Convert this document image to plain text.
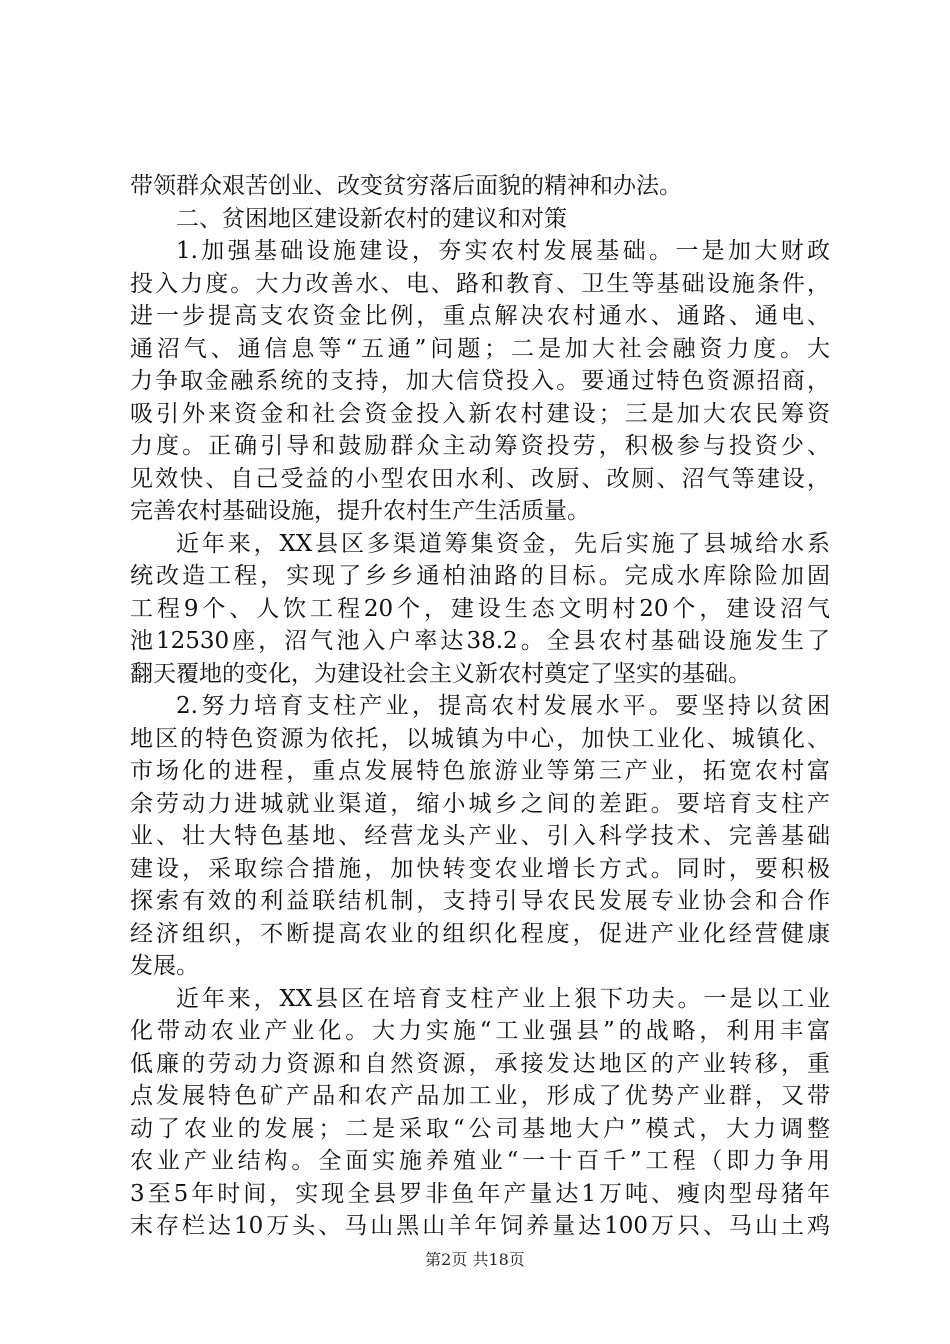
带领群众艰苦创业、改变贫穷落后面貌的精神和办法。
二、贫困地区建设新农村的建议和对策
1.加强基础设施建设，夯实农村发展基础。一是加大财政
投入力度。大力改善水、电、路和教育、卫生等基础设施条件，
进一步提高支农资金比例，重点解决农村通水、通路、通电、
通沼气、通信息等“五通”问题；二是加大社会融资力度。大
力争取金融系统的支持，加大信贷投入。要通过特色资源招商，
吸引外来资金和社会资金投入新农村建设；三是加大农民筹资
力度。正确引导和鼓励群众主动筹资投劳，积极参与投资少、
见效快、自己受益的小型农田水利、改厨、改厕、沼气等建设，
完善农村基础设施，提升农村生产生活质量。
近年来，XX县区多渠道筹集资金，先后实施了县城给水系
统改造工程，实现了乡乡通柏油路的目标。完成水库除险加固
工程9个、人饮工程20个，建设生态文明村20个，建设沼气
池12530座，沼气池入户率达38.2。全县农村基础设施发生了
翻天覆地的变化，为建设社会主义新农村奠定了坚实的基础。
2.努力培育支柱产业，提高农村发展水平。要坚持以贫困
地区的特色资源为依托，以城镇为中心，加快工业化、城镇化、
市场化的进程，重点发展特色旅游业等第三产业，拓宽农村富
余劳动力进城就业渠道，缩小城乡之间的差距。要培育支柱产
业、壮大特色基地、经营龙头产业、引入科学技术、完善基础
建设，采取综合措施，加快转变农业增长方式。同时，要积极
探索有效的利益联结机制，支持引导农民发展专业协会和合作
经济组织，不断提高农业的组织化程度，促进产业化经营健康
发展。
近年来，XX县区在培育支柱产业上狠下功夫。一是以工业
化带动农业产业化。大力实施“工业强县”的战略，利用丰富
低廉的劳动力资源和自然资源，承接发达地区的产业转移，重
点发展特色矿产品和农产品加工业，形成了优势产业群，又带
动了农业的发展；二是采取“公司基地大户”模式，大力调整
农业产业结构。全面实施养殖业“一十百千”工程（即力争用
3至5年时间，实现全县罗非鱼年产量达1万吨、瘦肉型母猪年
末存栏达10万头、马山黑山羊年饲养量达100万只、马山土鸡
第2页 共18页
